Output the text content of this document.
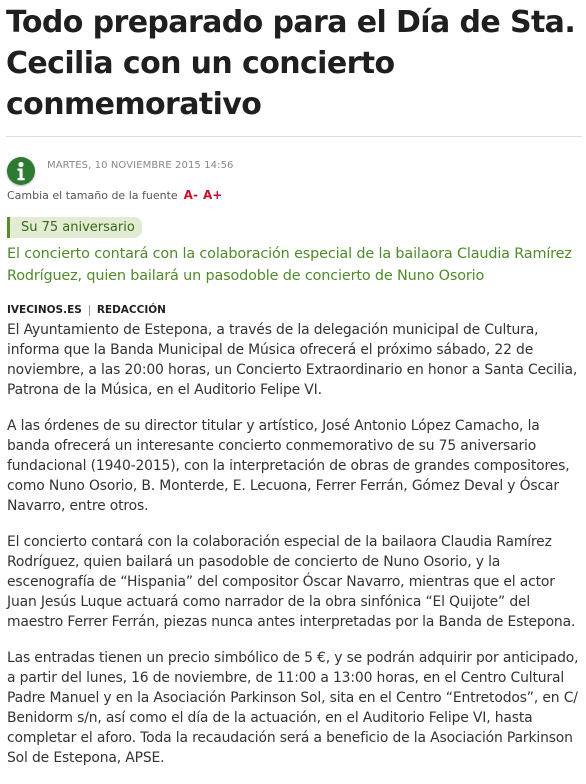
Todo preparado para el Día de Sta. Cecilia con un concierto conmemorativo
MARTES, 10 NOVIEMBRE 2015 14:56
Cambia el tamaño de la fuente A- A+
Su 75 aniversario
El concierto contará con la colaboración especial de la bailaora Claudia Ramírez Rodríguez, quien bailará un pasodoble de concierto de Nuno Osorio
IVECINOS.ES REDACCIÓN

El Ayuntamiento de Estepona, a través de la delegación municipal de Cultura, informa que la Banda Municipal de Música ofrecerá el próximo sábado, 22 de noviembre, a las 20:00 horas, un Concierto Extraordinario en honor a Santa Cecilia, Patrona de la Música, en el Auditorio Felipe VI.

A las órdenes de su director titular y artístico, José Antonio López Camacho, la banda ofrecerá un interesante concierto conmemorativo de su 75 aniversario fundacional (1940-2015), con la interpretación de obras de grandes compositores, como Nuno Osorio, B. Monterde, E. Lecuona, Ferrer Ferrán, Gómez Deval y Óscar Navarro, entre otros.

El concierto contará con la colaboración especial de la bailaora Claudia Ramírez Rodríguez, quien bailará un pasodoble de concierto de Nuno Osorio, y la escenografía de “Hispania” del compositor Óscar Navarro, mientras que el actor Juan Jesús Luque actuará como narrador de la obra sinfónica “El Quijote” del maestro Ferrer Ferrán, piezas nunca antes interpretadas por la Banda de Estepona.

Las entradas tienen un precio simbólico de 5 €, y se podrán adquirir por anticipado, a partir del lunes, 16 de noviembre, de 11:00 a 13:00 horas, en el Centro Cultural Padre Manuel y en la Asociación Parkinson Sol, sita en el Centro “Entretodos”, en C/ Benidorm s/n, así como el día de la actuación, en el Auditorio Felipe VI, hasta completar el aforo. Toda la recaudación será a beneficio de la Asociación Parkinson Sol de Estepona, APSE.
